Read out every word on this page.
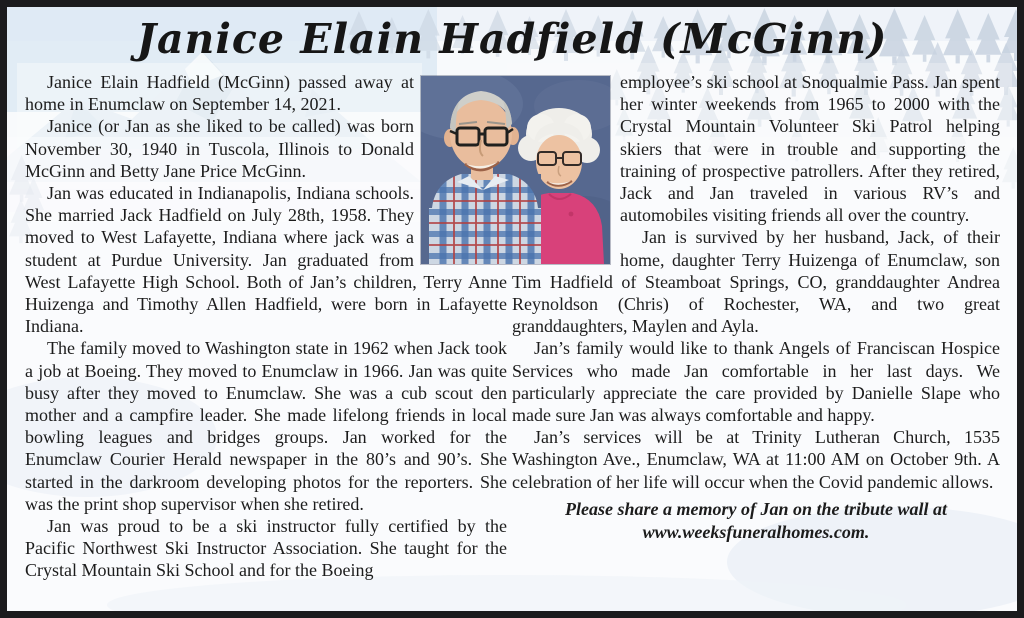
Janice Elain Hadfield (McGinn)

Janice Elain Hadfield (McGinn) passed away at home in Enumclaw on September 14, 2021.

Janice (or Jan as she liked to be called) was born November 30, 1940 in Tuscola, Illinois to Donald McGinn and Betty Jane Price McGinn.

Jan was educated in Indianapolis, Indiana schools. She married Jack Hadfield on July 28th, 1958. They moved to West Lafayette, Indiana where jack was a student at Purdue University. Jan graduated from West Lafayette High School. Both of Jan’s children, Terry Anne Huizenga and Timothy Allen Hadfield, were born in Lafayette Indiana.

The family moved to Washington state in 1962 when Jack took a job at Boeing. They moved to Enumclaw in 1966. Jan was quite busy after they moved to Enumclaw. She was a cub scout den mother and a campfire leader. She made lifelong friends in local bowling leagues and bridges groups. Jan worked for the Enumclaw Courier Herald newspaper in the 80’s and 90’s. She started in the darkroom developing photos for the reporters. She was the print shop supervisor when she retired.

Jan was proud to be a ski instructor fully certified by the Pacific Northwest Ski Instructor Association. She taught for the Crystal Mountain Ski School and for the Boeing

employee’s ski school at Snoqualmie Pass. Jan spent her winter weekends from 1965 to 2000 with the Crystal Mountain Volunteer Ski Patrol helping skiers that were in trouble and supporting the training of prospective patrollers. After they retired, Jack and Jan traveled in various RV’s and automobiles visiting friends all over the country.

Jan is survived by her husband, Jack, of their home, daughter Terry Huizenga of Enumclaw, son Tim Hadfield of Steamboat Springs, CO, granddaughter Andrea Reynoldson (Chris) of Rochester, WA, and two great granddaughters, Maylen and Ayla.

Jan’s family would like to thank Angels of Franciscan Hospice Services who made Jan comfortable in her last days. We particularly appreciate the care provided by Danielle Slape who made sure Jan was always comfortable and happy.

Jan’s services will be at Trinity Lutheran Church, 1535 Washington Ave., Enumclaw, WA at 11:00 AM on October 9th. A celebration of her life will occur when the Covid pandemic allows.

Please share a memory of Jan on the tribute wall at
www.weeksfuneralhomes.com.
